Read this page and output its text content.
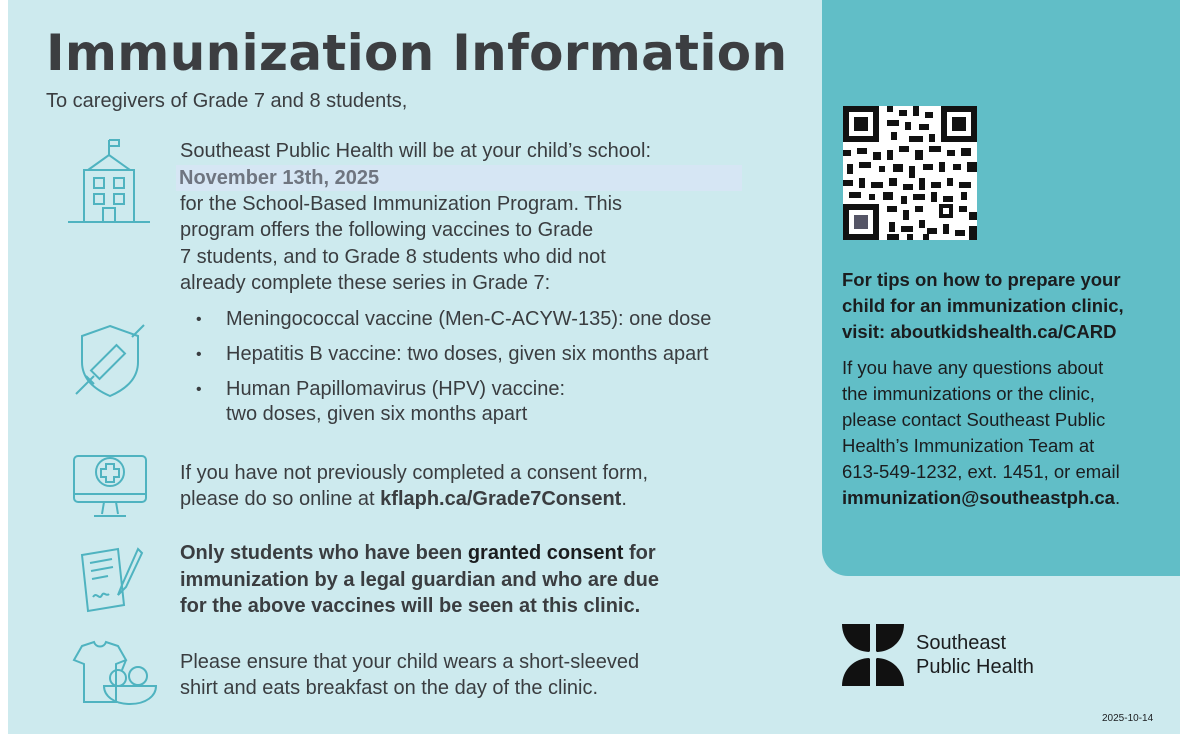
Immunization Information
To caregivers of Grade 7 and 8 students,
Southeast Public Health will be at your child’s school:
November 13th, 2025
for the School-Based Immunization Program. This
program offers the following vaccines to Grade
7 students, and to Grade 8 students who did not
already complete these series in Grade 7:
• Meningococcal vaccine (Men-C-ACYW-135): one dose
• Hepatitis B vaccine: two doses, given six months apart
• Human Papillomavirus (HPV) vaccine:
two doses, given six months apart
If you have not previously completed a consent form,
please do so online at kflaph.ca/Grade7Consent.
Only students who have been granted consent for
immunization by a legal guardian and who are due
for the above vaccines will be seen at this clinic.
Please ensure that your child wears a short-sleeved
shirt and eats breakfast on the day of the clinic.
For tips on how to prepare your
child for an immunization clinic,
visit: aboutkidshealth.ca/CARD
If you have any questions about
the immunizations or the clinic,
please contact Southeast Public
Health’s Immunization Team at
613-549-1232, ext. 1451, or email
immunization@southeastph.ca.
Southeast
Public Health
2025-10-14
